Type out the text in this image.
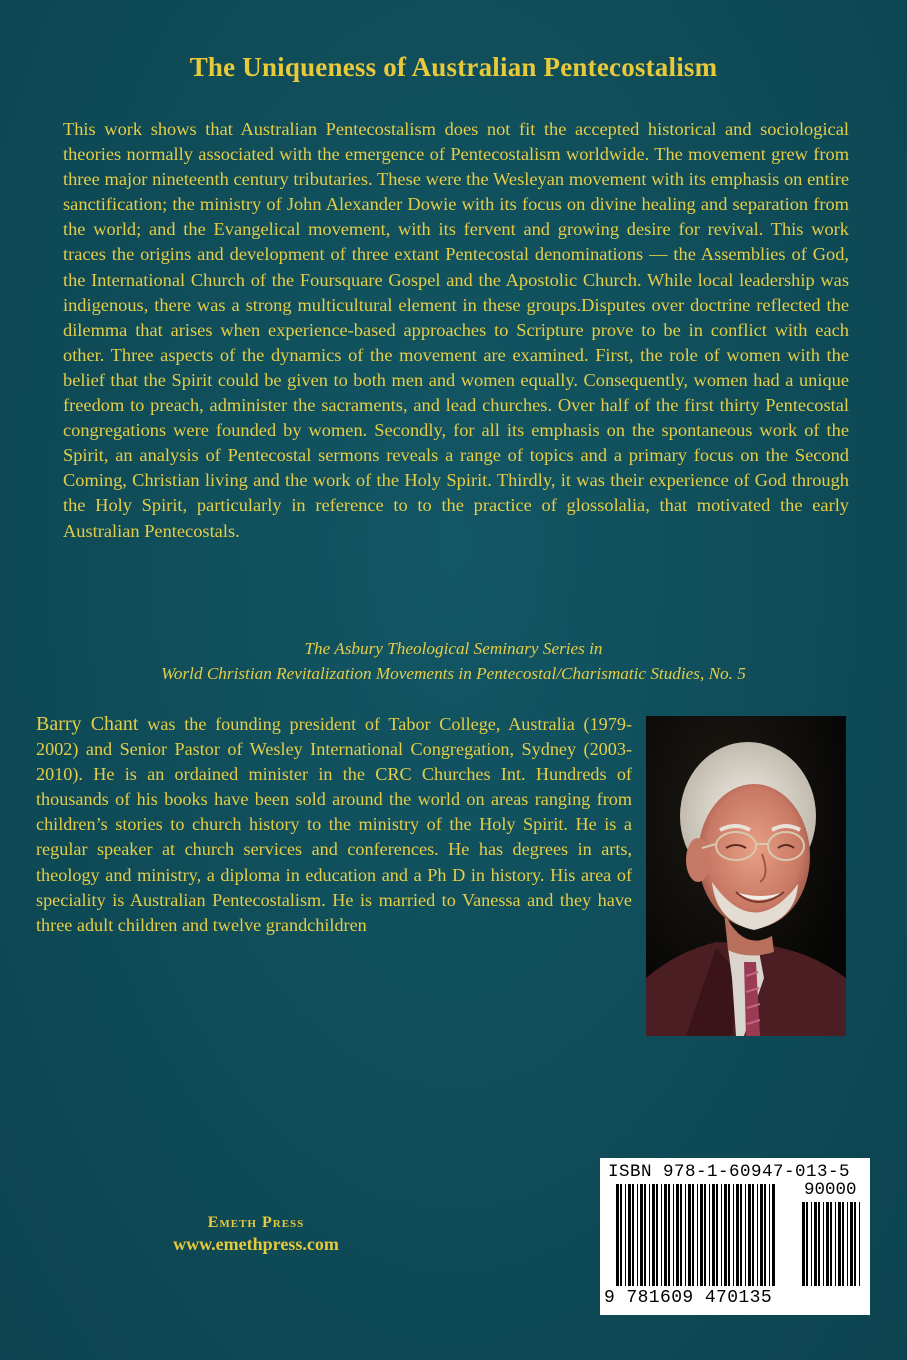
The Uniqueness of Australian Pentecostalism
This work shows that Australian Pentecostalism does not fit the accepted historical and sociological theories normally associated with the emergence of Pentecostalism worldwide. The movement grew from three major nineteenth century tributaries. These were the Wesleyan movement with its emphasis on entire sanctification; the ministry of John Alexander Dowie with its focus on divine healing and separation from the world; and the Evangelical movement, with its fervent and growing desire for revival. This work traces the origins and development of three extant Pentecostal denominations — the Assemblies of God, the International Church of the Foursquare Gospel and the Apostolic Church. While local leadership was indigenous, there was a strong multicultural element in these groups.Disputes over doctrine reflected the dilemma that arises when experience-based approaches to Scripture prove to be in conflict with each other. Three aspects of the dynamics of the movement are examined. First, the role of women with the belief that the Spirit could be given to both men and women equally. Consequently, women had a unique freedom to preach, administer the sacraments, and lead churches. Over half of the first thirty Pentecostal congregations were founded by women. Secondly, for all its emphasis on the spontaneous work of the Spirit, an analysis of Pentecostal sermons reveals a range of topics and a primary focus on the Second Coming, Christian living and the work of the Holy Spirit. Thirdly, it was their experience of God through the Holy Spirit, particularly in reference to to the practice of glossolalia, that motivated the early Australian Pentecostals.
The Asbury Theological Seminary Series in
World Christian Revitalization Movements in Pentecostal/Charismatic Studies, No. 5
Barry Chant was the founding president of Tabor College, Australia (1979-2002) and Senior Pastor of Wesley International Congregation, Sydney (2003-2010). He is an ordained minister in the CRC Churches Int. Hundreds of thousands of his books have been sold around the world on areas ranging from children’s stories to church history to the ministry of the Holy Spirit. He is a regular speaker at church services and conferences. He has degrees in arts, theology and ministry, a diploma in education and a Ph D in history. His area of speciality is Australian Pentecostalism. He is married to Vanessa and they have three adult children and twelve grandchildren
Emeth Press
www.emethpress.com
ISBN 978-1-60947-013-5
90000
9 781609 470135
